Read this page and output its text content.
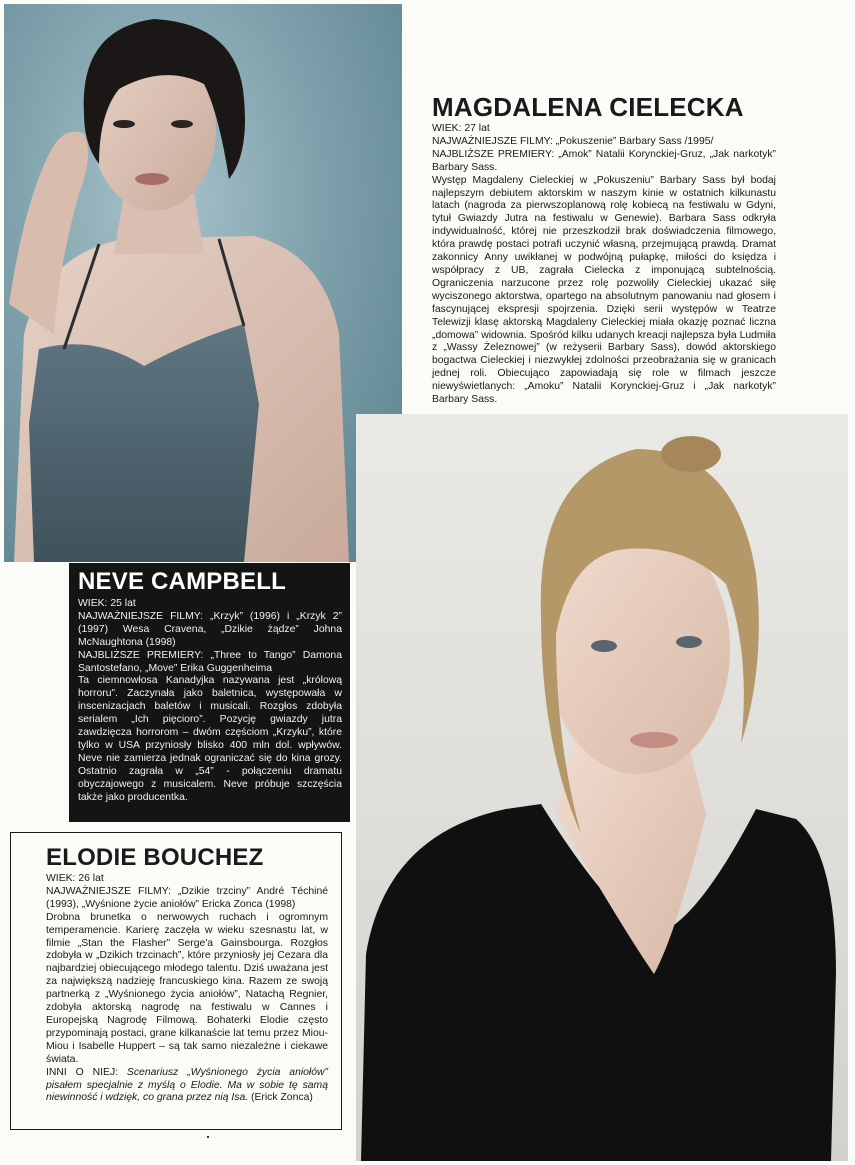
MAGDALENA CIELECKA

WIEK: 27 lat

NAJWAŻNIEJSZE FILMY: „Pokuszenie” Barbary Sass /1995/

NAJBLIŻSZE PREMIERY: „Amok” Natalii Korynckiej-Gruz, „Jak narkotyk” Barbary Sass.

Występ Magdaleny Cieleckiej w „Pokuszeniu” Barbary Sass był bodaj najlepszym debiutem aktorskim w naszym kinie w ostatnich kilkunastu latach (nagroda za pierwszoplanową rolę kobiecą na festiwalu w Gdyni, tytuł Gwiazdy Jutra na festiwalu w Genewie). Barbara Sass odkryła indywidualność, której nie przeszkodził brak doświadczenia filmowego, która prawdę postaci potrafi uczynić własną, przejmującą prawdą. Dramat zakonnicy Anny uwikłanej w podwójną pułapkę, miłości do księdza i współpracy z UB, zagrała Cielecka z imponującą subtelnością. Ograniczenia narzucone przez rolę pozwoliły Cieleckiej ukazać siłę wyciszonego aktorstwa, opartego na absolutnym panowaniu nad głosem i fascynującej ekspresji spojrzenia. Dzięki serii występów w Teatrze Telewizji klasę aktorską Magdaleny Cieleckiej miała okazję poznać liczna „domowa” widownia. Spośród kilku udanych kreacji najlepsza była Ludmiła z „Wassy Żeleznowej” (w reżyserii Barbary Sass), dowód aktorskiego bogactwa Cieleckiej i niezwykłej zdolności przeobrażania się w granicach jednej roli. Obiecująco zapowiadają się role w filmach jeszcze niewyświetlanych: „Amoku” Natalii Korynckiej-Gruz i „Jak narkotyk” Barbary Sass.

NEVE CAMPBELL

WIEK: 25 lat

NAJWAŻNIEJSZE FILMY: „Krzyk” (1996) i „Krzyk 2” (1997) Wesa Cravena, „Dzikie żądze” Johna McNaughtona (1998)

NAJBLIŻSZE PREMIERY: „Three to Tango” Damona Santostefano, „Move” Erika Guggenheima

Ta ciemnowłosa Kanadyjka nazywana jest „królową horroru”. Zaczynała jako baletnica, występowała w inscenizacjach baletów i musicali. Rozgłos zdobyła serialem „Ich pięcioro”. Pozycję gwiazdy jutra zawdzięcza horrorom – dwóm częściom „Krzyku”, które tylko w USA przyniosły blisko 400 mln dol. wpływów. Neve nie zamierza jednak ograniczać się do kina grozy. Ostatnio zagrała w „54” - połączeniu dramatu obyczajowego z musicalem. Neve próbuje szczęścia także jako producentka.

ELODIE BOUCHEZ

WIEK: 26 lat

NAJWAŻNIEJSZE FILMY: „Dzikie trzciny” André Téchiné (1993), „Wyśnione życie aniołów” Ericka Zonca (1998)

Drobna brunetka o nerwowych ruchach i ogromnym temperamencie. Karierę zaczęła w wieku szesnastu lat, w filmie „Stan the Flasher” Serge'a Gainsbourga. Rozgłos zdobyła w „Dzikich trzcinach”, które przyniosły jej Cezara dla najbardziej obiecującego młodego talentu. Dziś uważana jest za największą nadzieję francuskiego kina. Razem ze swoją partnerką z „Wyśnionego życia aniołów”, Natachą Regnier, zdobyła aktorską nagrodę na festiwalu w Cannes i Europejską Nagrodę Filmową. Bohaterki Elodie często przypominają postaci, grane kilkanaście lat temu przez Miou-Miou i Isabelle Huppert – są tak samo niezależne i ciekawe świata.

INNI O NIEJ: Scenariusz „Wyśnionego życia aniołów” pisałem specjalnie z myślą o Elodie. Ma w sobie tę samą niewinność i wdzięk, co grana przez nią Isa. (Erick Zonca)
